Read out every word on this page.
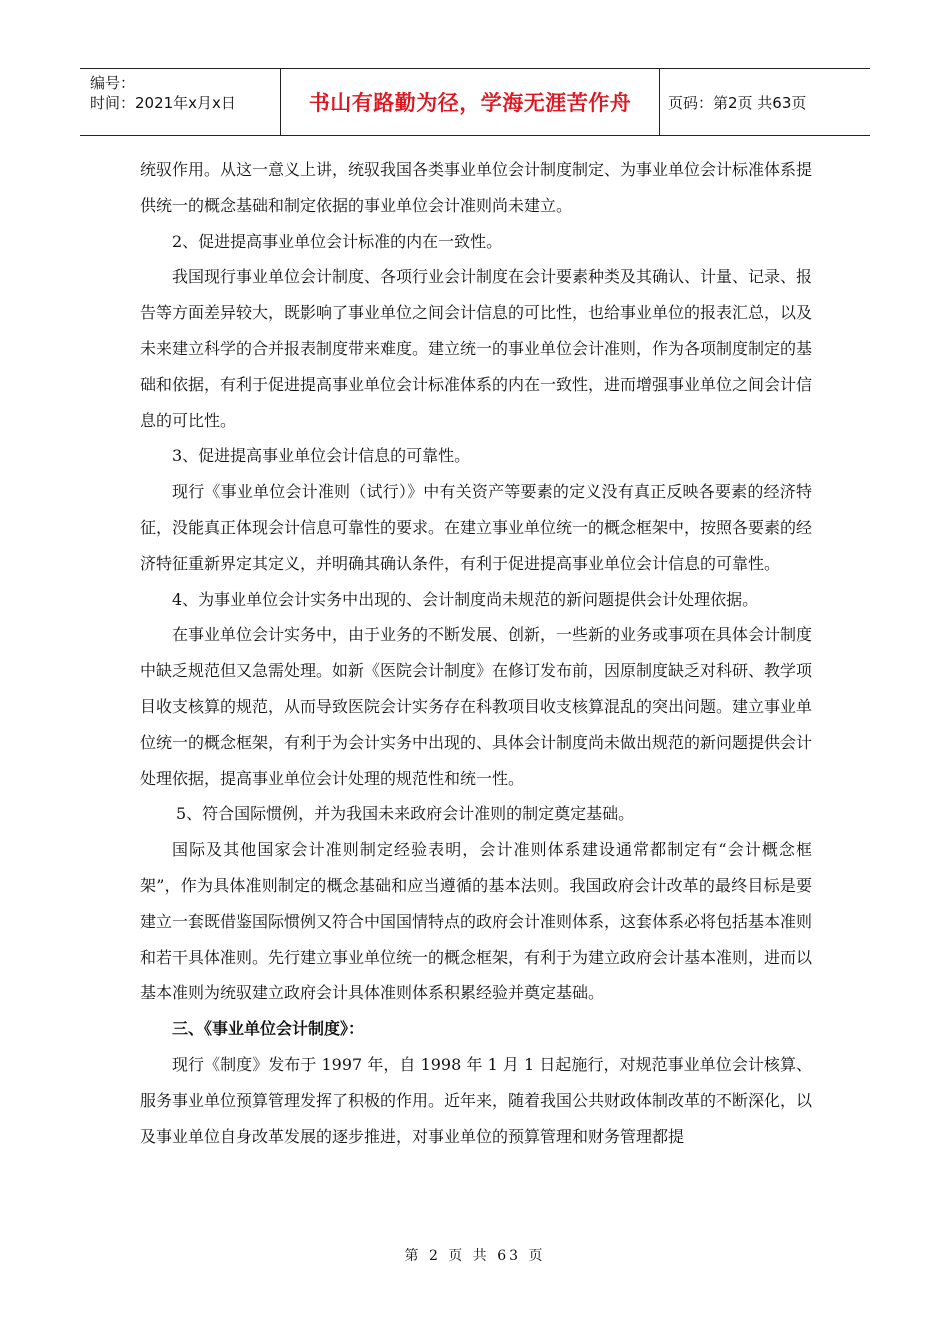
编号：
时间：2021年x月x日	书山有路勤为径，学海无涯苦作舟	页码：第2页 共63页

统驭作用。从这一意义上讲，统驭我国各类事业单位会计制度制定、为事业单位会计标准体系提供统一的概念基础和制定依据的事业单位会计准则尚未建立。

2、促进提高事业单位会计标准的内在一致性。

我国现行事业单位会计制度、各项行业会计制度在会计要素种类及其确认、计量、记录、报告等方面差异较大，既影响了事业单位之间会计信息的可比性，也给事业单位的报表汇总，以及未来建立科学的合并报表制度带来难度。建立统一的事业单位会计准则，作为各项制度制定的基础和依据，有利于促进提高事业单位会计标准体系的内在一致性，进而增强事业单位之间会计信息的可比性。

3、促进提高事业单位会计信息的可靠性。

现行《事业单位会计准则（试行）》中有关资产等要素的定义没有真正反映各要素的经济特征，没能真正体现会计信息可靠性的要求。在建立事业单位统一的概念框架中，按照各要素的经济特征重新界定其定义，并明确其确认条件，有利于促进提高事业单位会计信息的可靠性。

4、为事业单位会计实务中出现的、会计制度尚未规范的新问题提供会计处理依据。

在事业单位会计实务中，由于业务的不断发展、创新，一些新的业务或事项在具体会计制度中缺乏规范但又急需处理。如新《医院会计制度》在修订发布前，因原制度缺乏对科研、教学项目收支核算的规范，从而导致医院会计实务存在科教项目收支核算混乱的突出问题。建立事业单位统一的概念框架，有利于为会计实务中出现的、具体会计制度尚未做出规范的新问题提供会计处理依据，提高事业单位会计处理的规范性和统一性。

5、符合国际惯例，并为我国未来政府会计准则的制定奠定基础。

国际及其他国家会计准则制定经验表明，会计准则体系建设通常都制定有“会计概念框架”，作为具体准则制定的概念基础和应当遵循的基本法则。我国政府会计改革的最终目标是要建立一套既借鉴国际惯例又符合中国国情特点的政府会计准则体系，这套体系必将包括基本准则和若干具体准则。先行建立事业单位统一的概念框架，有利于为建立政府会计基本准则，进而以基本准则为统驭建立政府会计具体准则体系积累经验并奠定基础。

三、《事业单位会计制度》：

现行《制度》发布于 1997 年，自 1998 年 1 月 1 日起施行，对规范事业单位会计核算、服务事业单位预算管理发挥了积极的作用。近年来，随着我国公共财政体制改革的不断深化，以及事业单位自身改革发展的逐步推进，对事业单位的预算管理和财务管理都提

第 2 页 共 63 页
